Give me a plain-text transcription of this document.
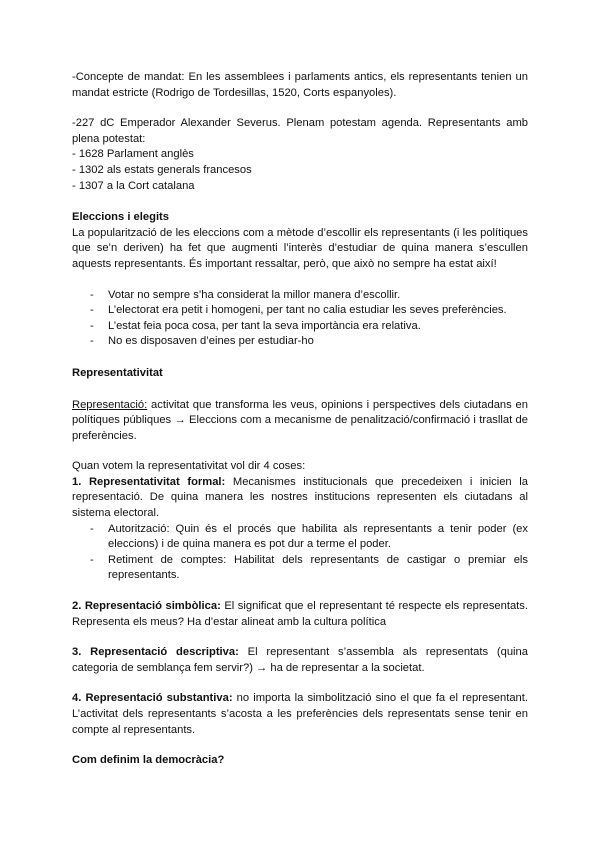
-Concepte de mandat: En les assemblees i parlaments antics, els representants tenien un mandat estricte (Rodrigo de Tordesillas, 1520, Corts espanyoles).

-227 dC Emperador Alexander Severus. Plenam potestam agenda. Representants amb plena potestat:

- 1628 Parlament anglès

- 1302 als estats generals francesos

- 1307 a la Cort catalana

Eleccions i elegits

La popularització de les eleccions com a mètode d’escollir els representants (i les polítiques que se’n deriven) ha fet que augmenti l’interès d’estudiar de quina manera s’escullen aquests representants. És important ressaltar, però, que això no sempre ha estat així!

- Votar no sempre s’ha considerat la millor manera d’escollir.
- L’electorat era petit i homogeni, per tant no calia estudiar les seves preferències.
- L’estat feia poca cosa, per tant la seva importància era relativa.
- No es disposaven d’eines per estudiar-ho

Representativitat

Representació: activitat que transforma les veus, opinions i perspectives dels ciutadans en polítiques públiques → Eleccions com a mecanisme de penalització/confirmació i trasllat de preferències.

Quan votem la representativitat vol dir 4 coses:

1. Representativitat formal: Mecanismes institucionals que precedeixen i inicien la representació. De quina manera les nostres institucions representen els ciutadans al sistema electoral.

- Autorització: Quin és el procés que habilita als representants a tenir poder (ex eleccions) i de quina manera es pot dur a terme el poder.
- Retiment de comptes: Habilitat dels representants de castigar o premiar els representants.

2. Representació simbòlica: El significat que el representant té respecte els representats. Representa els meus? Ha d’estar alineat amb la cultura política

3. Representació descriptiva: El representant s’assembla als representats (quina categoria de semblança fem servir?) → ha de representar a la societat.

4. Representació substantiva: no importa la simbolització sino el que fa el representant. L’activitat dels representants s’acosta a les preferències dels representats sense tenir en compte al representants.

Com definim la democràcia?
